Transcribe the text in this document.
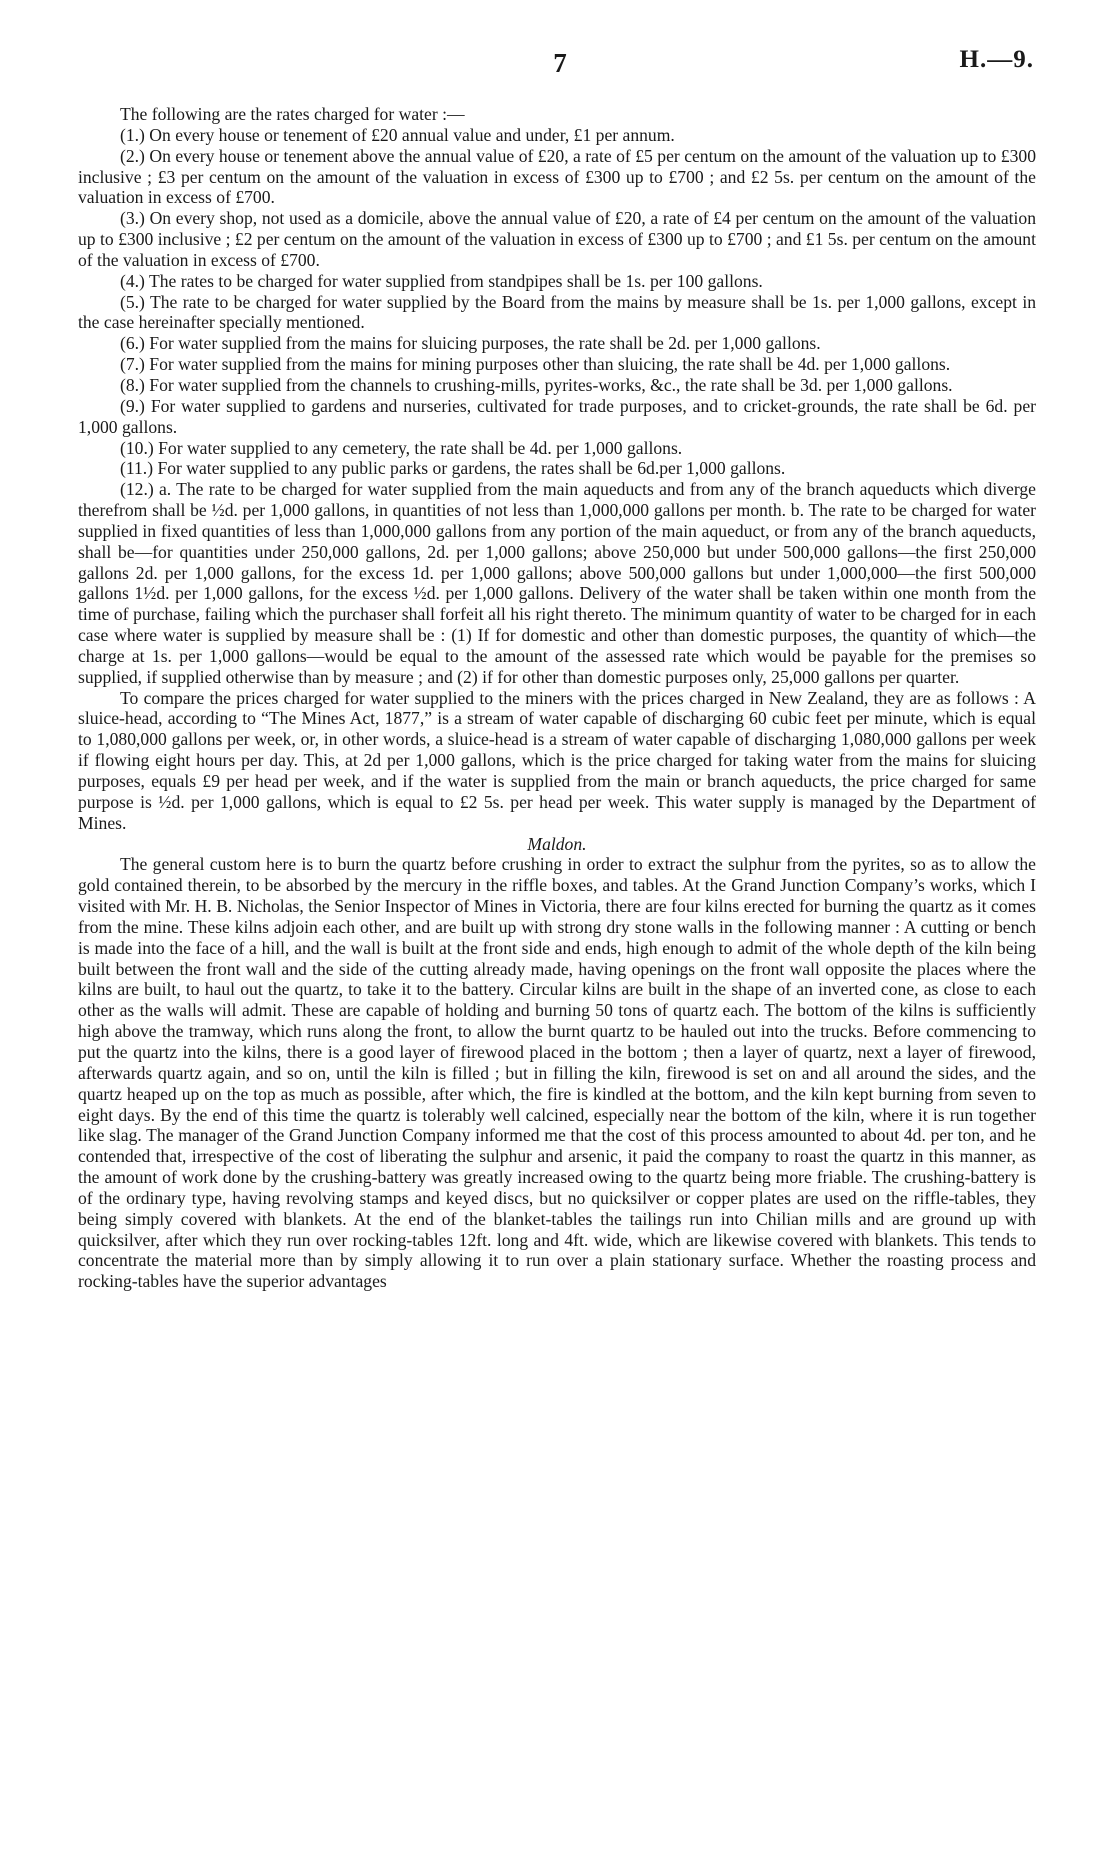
7	H.—9.

The following are the rates charged for water :—

(1.) On every house or tenement of £20 annual value and under, £1 per annum.

(2.) On every house or tenement above the annual value of £20, a rate of £5 per centum on the amount of the valuation up to £300 inclusive ; £3 per centum on the amount of the valuation in excess of £300 up to £700 ; and £2 5s. per centum on the amount of the valuation in excess of £700.

(3.) On every shop, not used as a domicile, above the annual value of £20, a rate of £4 per centum on the amount of the valuation up to £300 inclusive ; £2 per centum on the amount of the valuation in excess of £300 up to £700 ; and £1 5s. per centum on the amount of the valuation in excess of £700.

(4.) The rates to be charged for water supplied from standpipes shall be 1s. per 100 gallons.

(5.) The rate to be charged for water supplied by the Board from the mains by measure shall be 1s. per 1,000 gallons, except in the case hereinafter specially mentioned.

(6.) For water supplied from the mains for sluicing purposes, the rate shall be 2d. per 1,000 gallons.

(7.) For water supplied from the mains for mining purposes other than sluicing, the rate shall be 4d. per 1,000 gallons.

(8.) For water supplied from the channels to crushing-mills, pyrites-works, &c., the rate shall be 3d. per 1,000 gallons.

(9.) For water supplied to gardens and nurseries, cultivated for trade purposes, and to cricket-grounds, the rate shall be 6d. per 1,000 gallons.

(10.) For water supplied to any cemetery, the rate shall be 4d. per 1,000 gallons.

(11.) For water supplied to any public parks or gardens, the rates shall be 6d.per 1,000 gallons.

(12.) a. The rate to be charged for water supplied from the main aqueducts and from any of the branch aqueducts which diverge therefrom shall be ½d. per 1,000 gallons, in quantities of not less than 1,000,000 gallons per month. b. The rate to be charged for water supplied in fixed quantities of less than 1,000,000 gallons from any portion of the main aqueduct, or from any of the branch aqueducts, shall be—for quantities under 250,000 gallons, 2d. per 1,000 gallons; above 250,000 but under 500,000 gallons—the first 250,000 gallons 2d. per 1,000 gallons, for the excess 1d. per 1,000 gallons; above 500,000 gallons but under 1,000,000—the first 500,000 gallons 1½d. per 1,000 gallons, for the excess ½d. per 1,000 gallons. Delivery of the water shall be taken within one month from the time of purchase, failing which the purchaser shall forfeit all his right thereto. The minimum quantity of water to be charged for in each case where water is supplied by measure shall be : (1) If for domestic and other than domestic purposes, the quantity of which—the charge at 1s. per 1,000 gallons—would be equal to the amount of the assessed rate which would be payable for the premises so supplied, if supplied otherwise than by measure ; and (2) if for other than domestic purposes only, 25,000 gallons per quarter.

To compare the prices charged for water supplied to the miners with the prices charged in New Zealand, they are as follows : A sluice-head, according to “The Mines Act, 1877,” is a stream of water capable of discharging 60 cubic feet per minute, which is equal to 1,080,000 gallons per week, or, in other words, a sluice-head is a stream of water capable of discharging 1,080,000 gallons per week if flowing eight hours per day. This, at 2d per 1,000 gallons, which is the price charged for taking water from the mains for sluicing purposes, equals £9 per head per week, and if the water is supplied from the main or branch aqueducts, the price charged for same purpose is ½d. per 1,000 gallons, which is equal to £2 5s. per head per week. This water supply is managed by the Department of Mines.

Maldon.

The general custom here is to burn the quartz before crushing in order to extract the sulphur from the pyrites, so as to allow the gold contained therein, to be absorbed by the mercury in the riffle boxes, and tables. At the Grand Junction Company’s works, which I visited with Mr. H. B. Nicholas, the Senior Inspector of Mines in Victoria, there are four kilns erected for burning the quartz as it comes from the mine. These kilns adjoin each other, and are built up with strong dry stone walls in the following manner : A cutting or bench is made into the face of a hill, and the wall is built at the front side and ends, high enough to admit of the whole depth of the kiln being built between the front wall and the side of the cutting already made, having openings on the front wall opposite the places where the kilns are built, to haul out the quartz, to take it to the battery. Circular kilns are built in the shape of an inverted cone, as close to each other as the walls will admit. These are capable of holding and burning 50 tons of quartz each. The bottom of the kilns is sufficiently high above the tramway, which runs along the front, to allow the burnt quartz to be hauled out into the trucks. Before commencing to put the quartz into the kilns, there is a good layer of firewood placed in the bottom ; then a layer of quartz, next a layer of firewood, afterwards quartz again, and so on, until the kiln is filled ; but in filling the kiln, firewood is set on and all around the sides, and the quartz heaped up on the top as much as possible, after which, the fire is kindled at the bottom, and the kiln kept burning from seven to eight days. By the end of this time the quartz is tolerably well calcined, especially near the bottom of the kiln, where it is run together like slag. The manager of the Grand Junction Company informed me that the cost of this process amounted to about 4d. per ton, and he contended that, irrespective of the cost of liberating the sulphur and arsenic, it paid the company to roast the quartz in this manner, as the amount of work done by the crushing-battery was greatly increased owing to the quartz being more friable. The crushing-battery is of the ordinary type, having revolving stamps and keyed discs, but no quicksilver or copper plates are used on the riffle-tables, they being simply covered with blankets. At the end of the blanket-tables the tailings run into Chilian mills and are ground up with quicksilver, after which they run over rocking-tables 12ft. long and 4ft. wide, which are likewise covered with blankets. This tends to concentrate the material more than by simply allowing it to run over a plain stationary surface. Whether the roasting process and rocking-tables have the superior advantages
